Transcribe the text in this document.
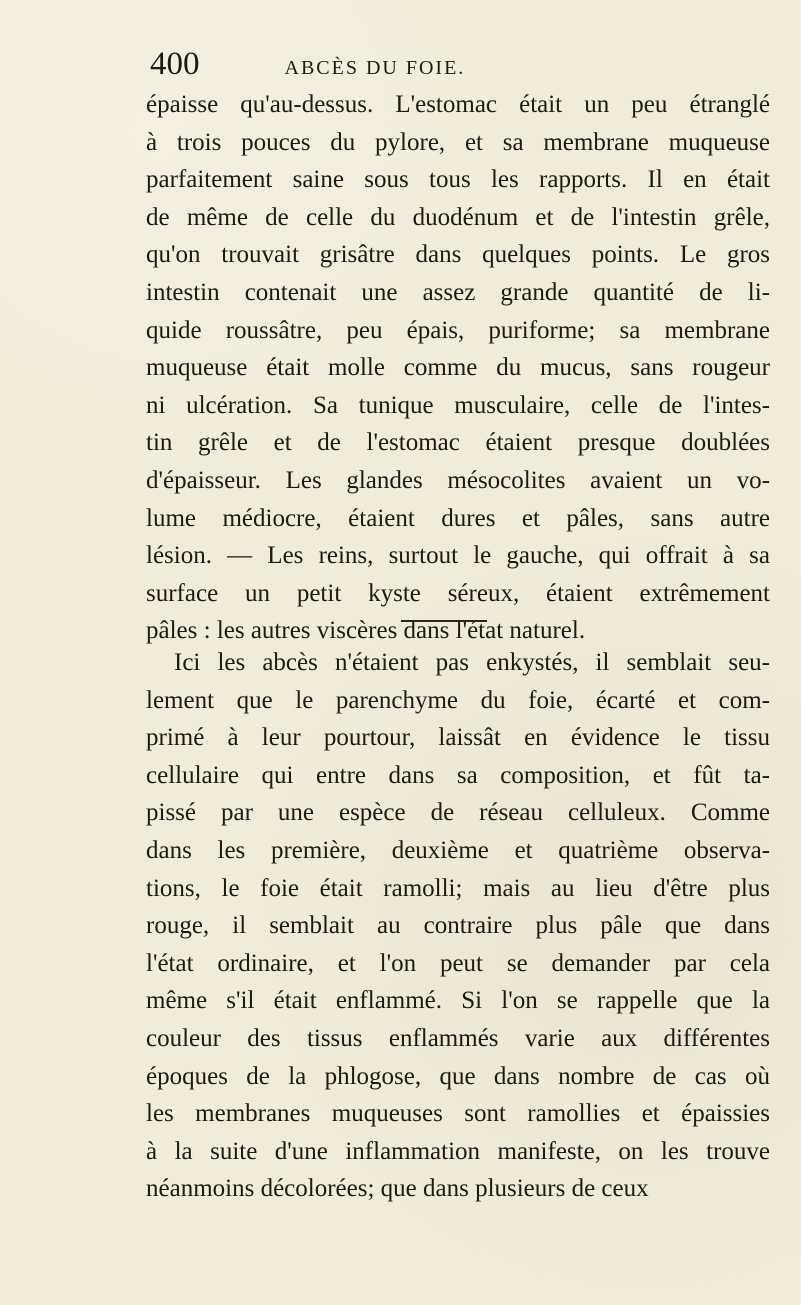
400	ABCÈS DU FOIE.
épaisse qu'au-dessus. L'estomac était un peu étranglé
à trois pouces du pylore, et sa membrane muqueuse
parfaitement saine sous tous les rapports. Il en était
de même de celle du duodénum et de l'intestin grêle,
qu'on trouvait grisâtre dans quelques points. Le gros
intestin contenait une assez grande quantité de li-
quide roussâtre, peu épais, puriforme; sa membrane
muqueuse était molle comme du mucus, sans rougeur
ni ulcération. Sa tunique musculaire, celle de l'intes-
tin grêle et de l'estomac étaient presque doublées
d'épaisseur. Les glandes mésocolites avaient un vo-
lume médiocre, étaient dures et pâles, sans autre
lésion. — Les reins, surtout le gauche, qui offrait à sa
surface un petit kyste séreux, étaient extrêmement
pâles : les autres viscères dans l'état naturel.
Ici les abcès n'étaient pas enkystés, il semblait seu-
lement que le parenchyme du foie, écarté et com-
primé à leur pourtour, laissât en évidence le tissu
cellulaire qui entre dans sa composition, et fût ta-
pissé par une espèce de réseau celluleux. Comme
dans les première, deuxième et quatrième observa-
tions, le foie était ramolli; mais au lieu d'être plus
rouge, il semblait au contraire plus pâle que dans
l'état ordinaire, et l'on peut se demander par cela
même s'il était enflammé. Si l'on se rappelle que la
couleur des tissus enflammés varie aux différentes
époques de la phlogose, que dans nombre de cas où
les membranes muqueuses sont ramollies et épaissies
à la suite d'une inflammation manifeste, on les trouve
néanmoins décolorées; que dans plusieurs de ceux
